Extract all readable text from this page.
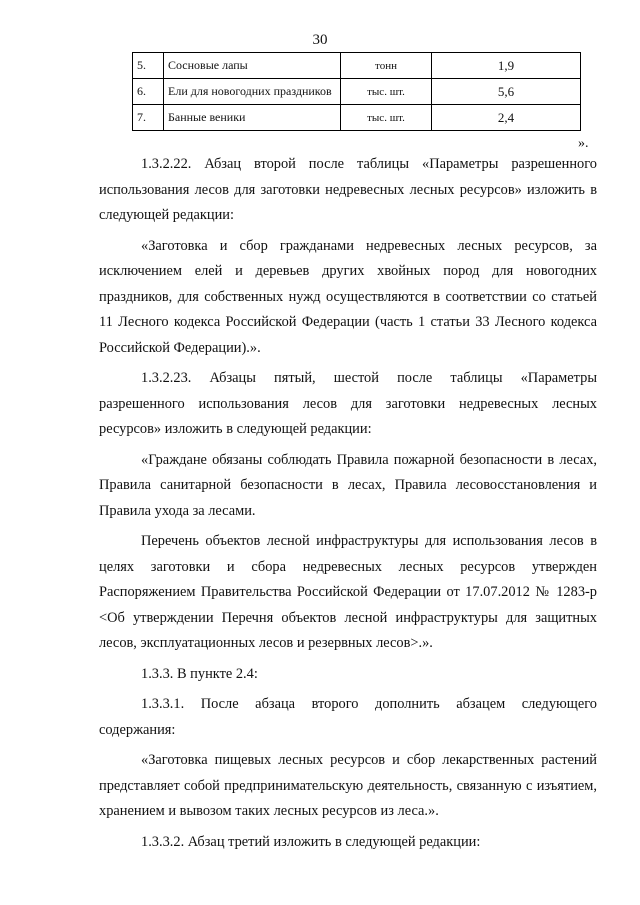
30
5.	Сосновые лапы	тонн	1,9
6.	Ели для новогодних праздников	тыс. шт.	5,6
7.	Банные веники	тыс. шт.	2,4
».

1.3.2.22. Абзац второй после таблицы «Параметры разрешенного использования лесов для заготовки недревесных лесных ресурсов» изложить в следующей редакции:

«Заготовка и сбор гражданами недревесных лесных ресурсов, за исключением елей и деревьев других хвойных пород для новогодних праздников, для собственных нужд осуществляются в соответствии со статьей 11 Лесного кодекса Российской Федерации (часть 1 статьи 33 Лесного кодекса Российской Федерации).».

1.3.2.23. Абзацы пятый, шестой после таблицы «Параметры разрешенного использования лесов для заготовки недревесных лесных ресурсов» изложить в следующей редакции:

«Граждане обязаны соблюдать Правила пожарной безопасности в лесах, Правила санитарной безопасности в лесах, Правила лесовосстановления и Правила ухода за лесами.

Перечень объектов лесной инфраструктуры для использования лесов в целях заготовки и сбора недревесных лесных ресурсов утвержден Распоряжением Правительства Российской Федерации от 17.07.2012 № 1283-р <Об утверждении Перечня объектов лесной инфраструктуры для защитных лесов, эксплуатационных лесов и резервных лесов>.».

1.3.3. В пункте 2.4:

1.3.3.1. После абзаца второго дополнить абзацем следующего содержания:

«Заготовка пищевых лесных ресурсов и сбор лекарственных растений представляет собой предпринимательскую деятельность, связанную с изъятием, хранением и вывозом таких лесных ресурсов из леса.».

1.3.3.2. Абзац третий изложить в следующей редакции:
